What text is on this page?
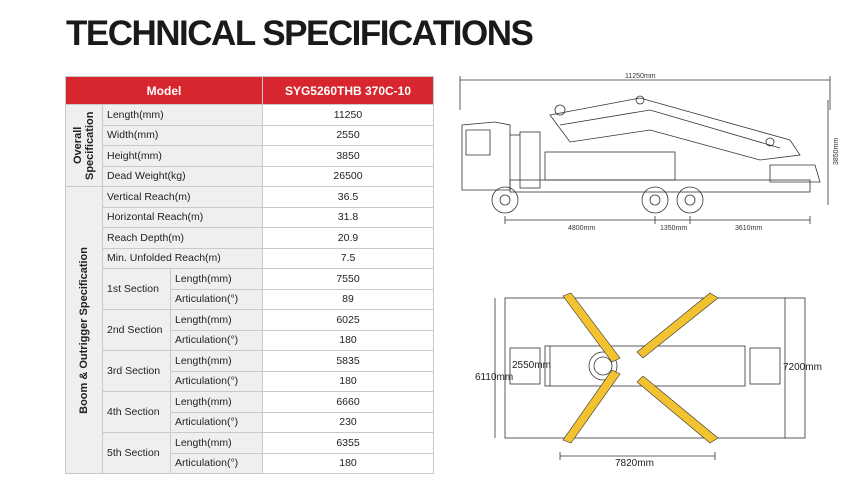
TECHNICAL SPECIFICATIONS
Model			SYG5260THB 370C-10

Overall Specification	Length(mm)		11250
	Width(mm)		2550
	Height(mm)		3850
	Dead Weight(kg)		26500

Boom & Outrigger Specification	Vertical Reach(m)		36.5
	Horizontal Reach(m)		31.8
	Reach Depth(m)		20.9
	Min. Unfolded Reach(m)		7.5
	1st Section	Length(mm)	7550
		Articulation(°)	89
	2nd Section	Length(mm)	6025
		Articulation(°)	180
	3rd Section	Length(mm)	5835
		Articulation(°)	180
	4th Section	Length(mm)	6660
		Articulation(°)	230
	5th Section	Length(mm)	6355
		Articulation(°)	180
11250mm
3850mm
4800mm	1350mm	3610mm
6110mm
2550mm	7200mm
7820mm
